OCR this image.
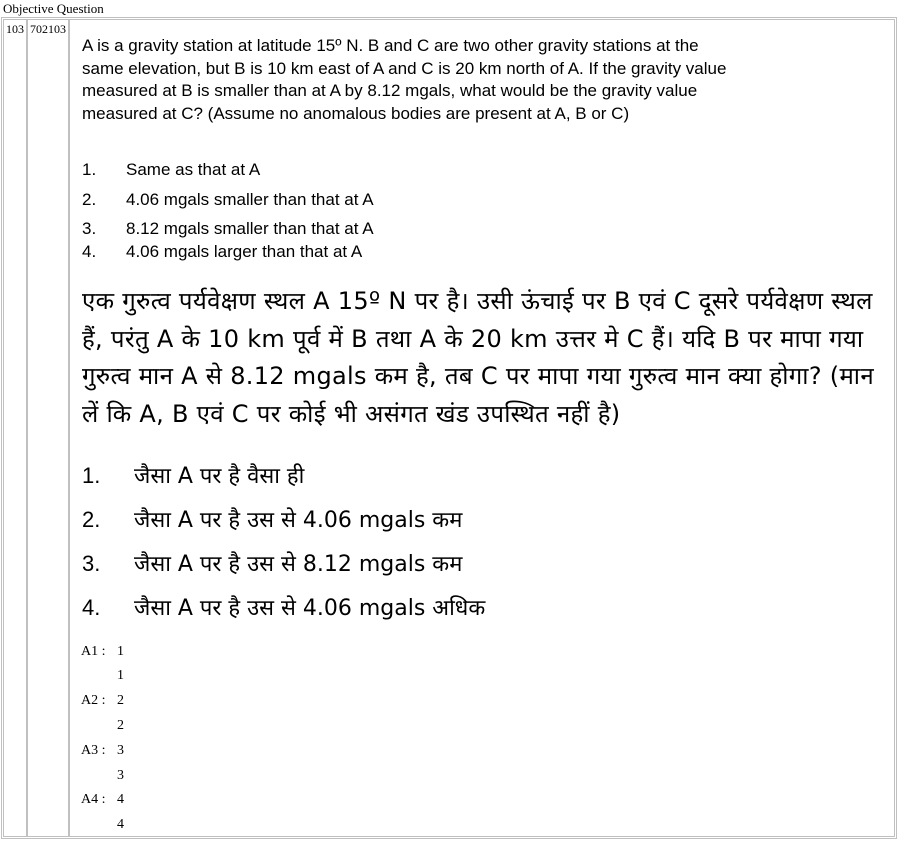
Objective Question
103 702103
A is a gravity station at latitude 15º N. B and C are two other gravity stations at the same elevation, but B is 10 km east of A and C is 20 km north of A. If the gravity value measured at B is smaller than at A by 8.12 mgals, what would be the gravity value measured at C? (Assume no anomalous bodies are present at A, B or C)
1. Same as that at A
2. 4.06 mgals smaller than that at A
3. 8.12 mgals smaller than that at A
4. 4.06 mgals larger than that at A
एक गुरुत्व पर्यवेक्षण स्थल A 15º N पर है। उसी ऊंचाई पर B एवं C दूसरे पर्यवेक्षण स्थल हैं, परंतु A के 10 km पूर्व में B तथा A के 20 km उत्तर मे C हैं। यदि B पर मापा गया गुरुत्व मान A से 8.12 mgals कम है, तब C पर मापा गया गुरुत्व मान क्या होगा? (मान लें कि A, B एवं C पर कोई भी असंगत खंड उपस्थित नहीं है)
1. जैसा A पर है वैसा ही
2. जैसा A पर है उस से 4.06 mgals कम
3. जैसा A पर है उस से 8.12 mgals कम
4. जैसा A पर है उस से 4.06 mgals अधिक
A1 : 1
1
A2 : 2
2
A3 : 3
3
A4 : 4
4
